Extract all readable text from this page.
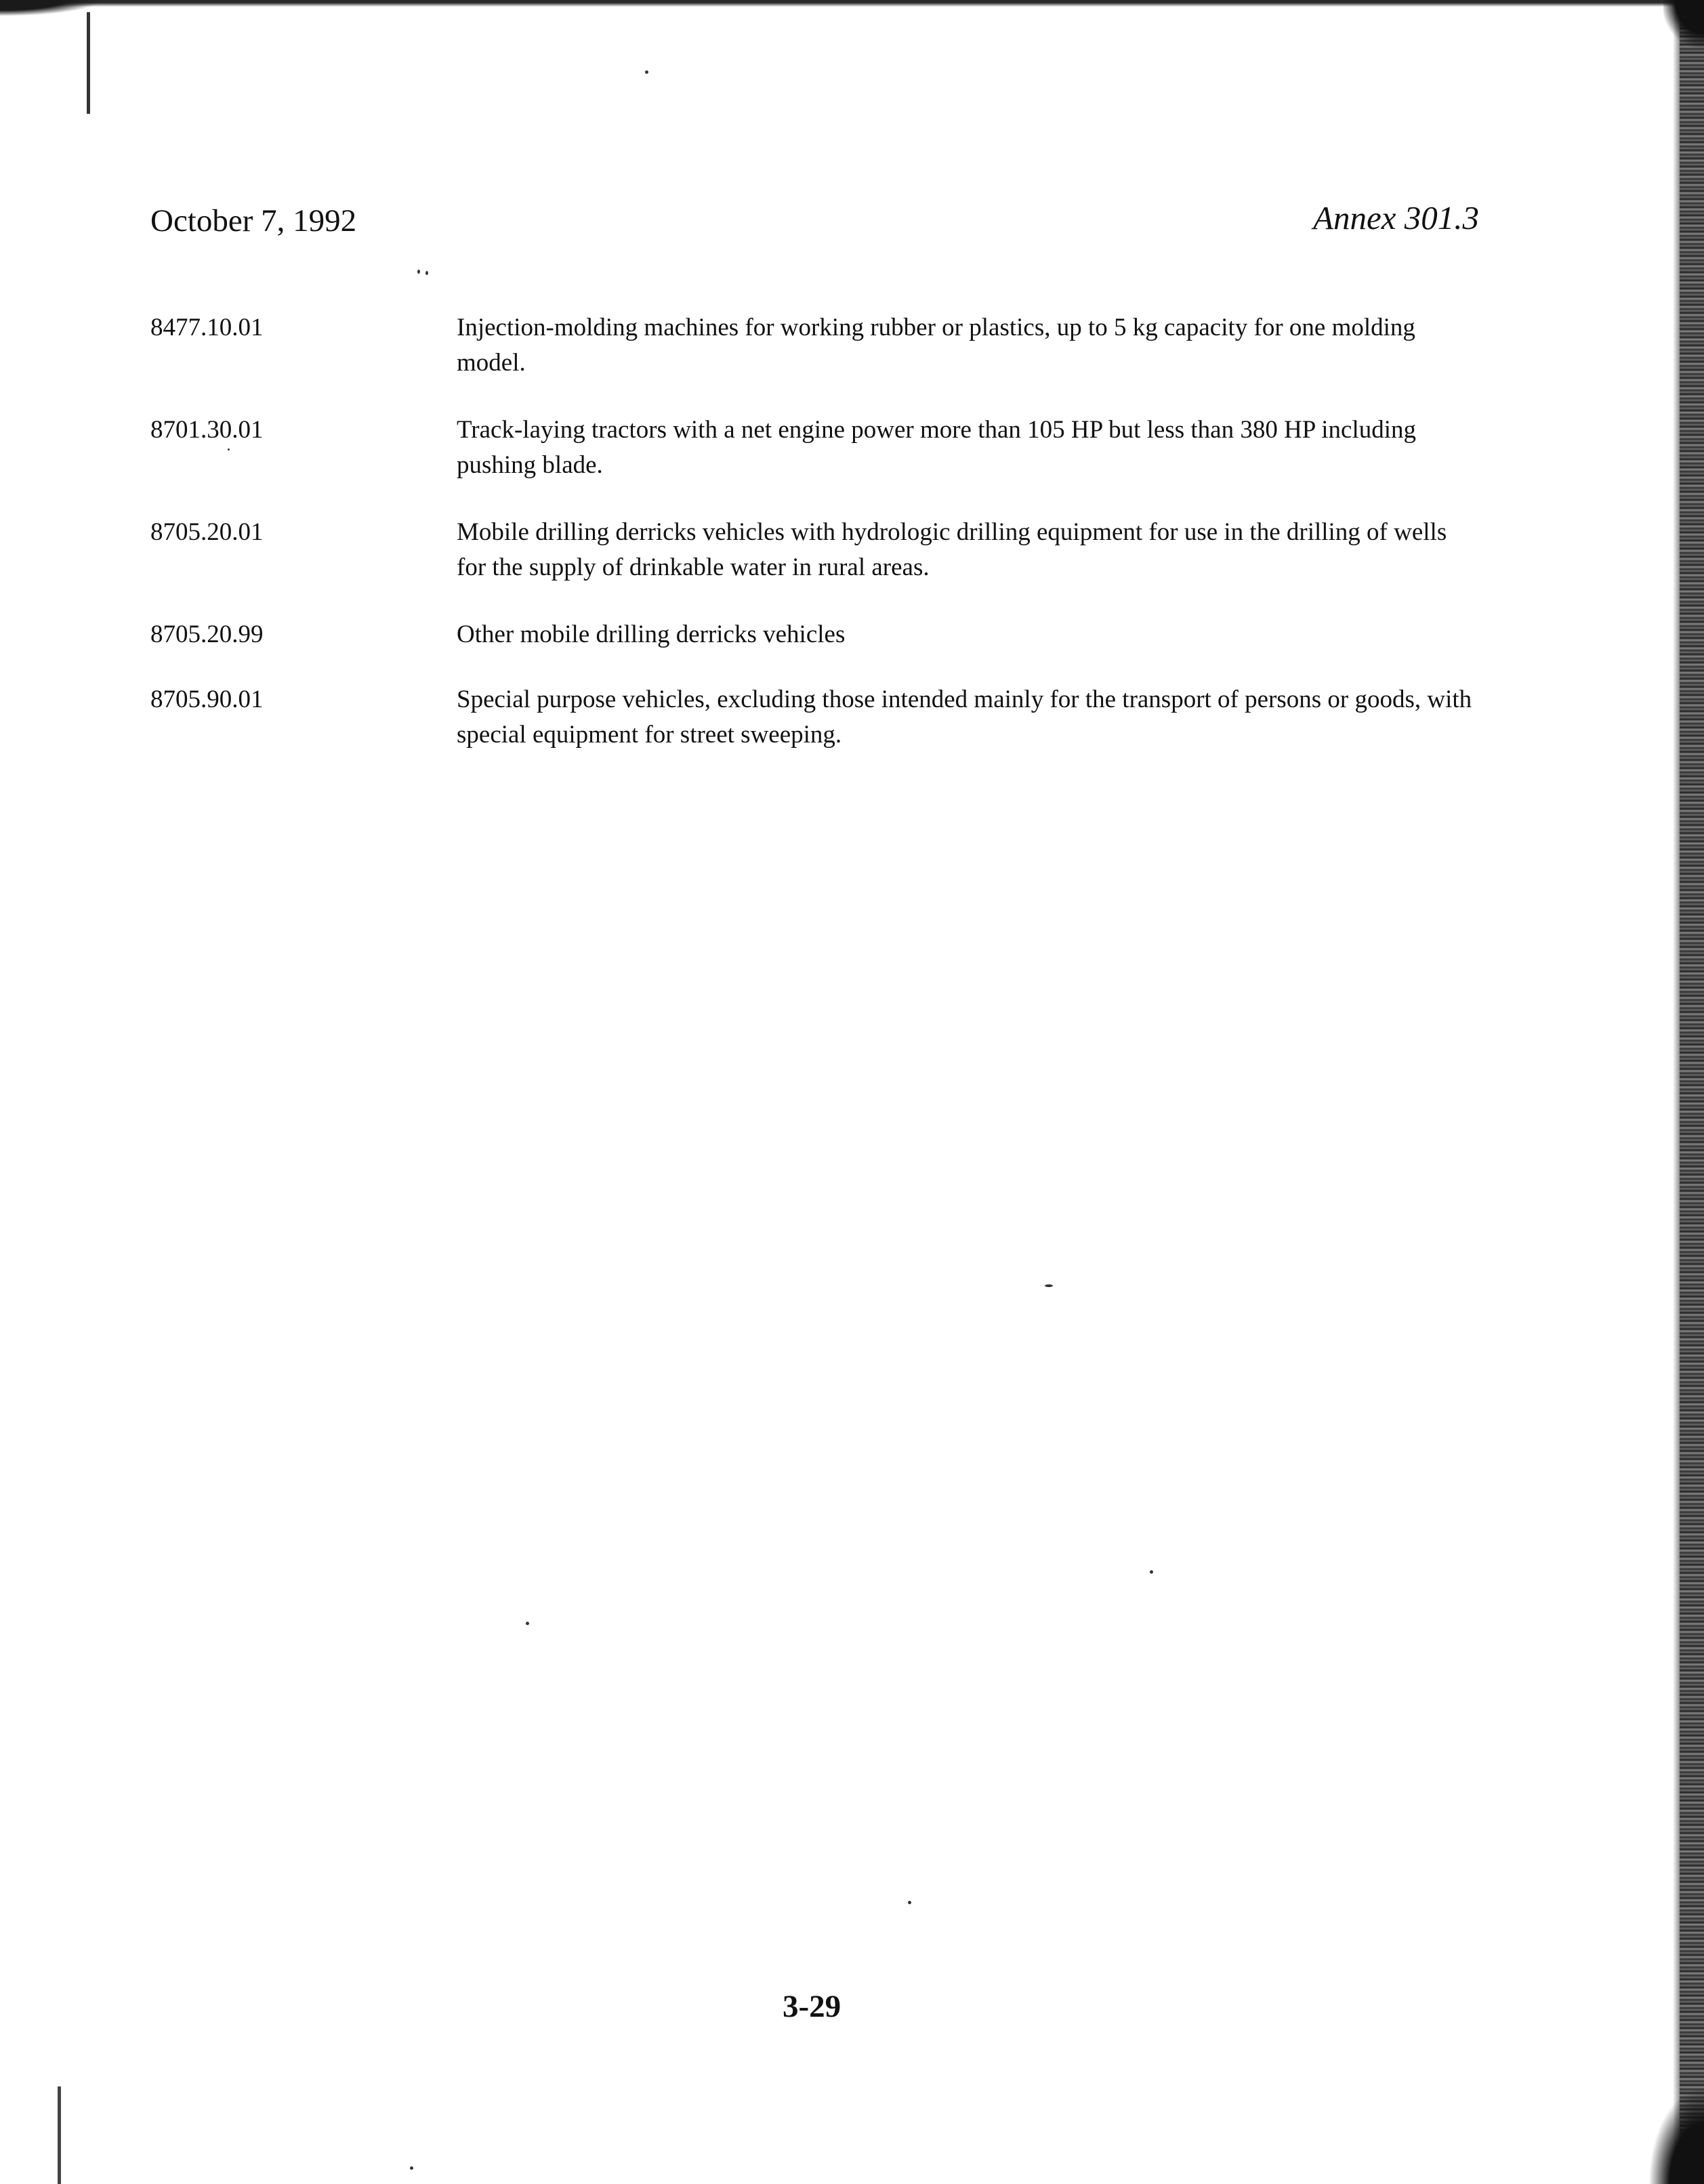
October 7, 1992	Annex 301.3
8477.10.01	Injection-molding machines for working rubber or plastics, up to 5 kg capacity for one molding model.
8701.30.01	Track-laying tractors with a net engine power more than 105 HP but less than 380 HP including pushing blade.
8705.20.01	Mobile drilling derricks vehicles with hydrologic drilling equipment for use in the drilling of wells for the supply of drinkable water in rural areas.
8705.20.99	Other mobile drilling derricks vehicles
8705.90.01	Special purpose vehicles, excluding those intended mainly for the transport of persons or goods, with special equipment for street sweeping.
3-29
